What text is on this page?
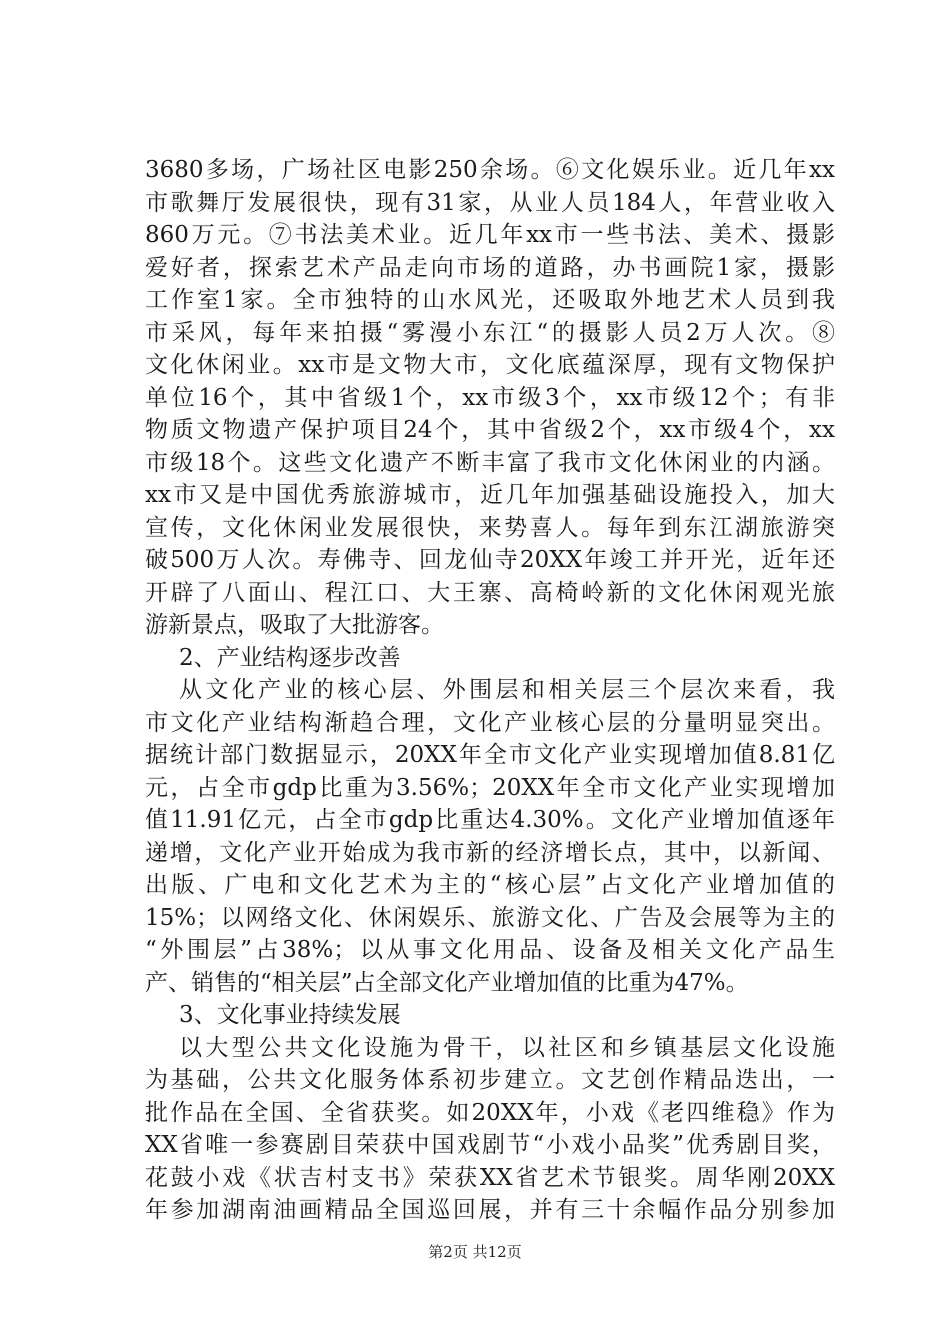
3680多场，广场社区电影250余场。⑥文化娱乐业。近几年xx
市歌舞厅发展很快，现有31家，从业人员184人，年营业收入
860万元。⑦书法美术业。近几年xx市一些书法、美术、摄影
爱好者，探索艺术产品走向市场的道路，办书画院1家，摄影
工作室1家。全市独特的山水风光，还吸取外地艺术人员到我
市采风，每年来拍摄“雾漫小东江“的摄影人员2万人次。⑧
文化休闲业。xx市是文物大市，文化底蕴深厚，现有文物保护
单位16个，其中省级1个，xx市级3个，xx市级12个；有非
物质文物遗产保护项目24个，其中省级2个，xx市级4个，xx
市级18个。这些文化遗产不断丰富了我市文化休闲业的内涵。
xx市又是中国优秀旅游城市，近几年加强基础设施投入，加大
宣传，文化休闲业发展很快，来势喜人。每年到东江湖旅游突
破500万人次。寿佛寺、回龙仙寺20XX年竣工并开光，近年还
开辟了八面山、程江口、大王寨、高椅岭新的文化休闲观光旅
游新景点，吸取了大批游客。
2、产业结构逐步改善
从文化产业的核心层、外围层和相关层三个层次来看，我
市文化产业结构渐趋合理，文化产业核心层的分量明显突出。
据统计部门数据显示，20XX年全市文化产业实现增加值8.81亿
元，占全市gdp比重为3.56%；20XX年全市文化产业实现增加
值11.91亿元，占全市gdp比重达4.30%。文化产业增加值逐年
递增，文化产业开始成为我市新的经济增长点，其中，以新闻、
出版、广电和文化艺术为主的“核心层”占文化产业增加值的
15%；以网络文化、休闲娱乐、旅游文化、广告及会展等为主的
“外围层”占38%；以从事文化用品、设备及相关文化产品生
产、销售的“相关层”占全部文化产业增加值的比重为47%。
3、文化事业持续发展
以大型公共文化设施为骨干，以社区和乡镇基层文化设施
为基础，公共文化服务体系初步建立。文艺创作精品迭出，一
批作品在全国、全省获奖。如20XX年，小戏《老四维稳》作为
XX省唯一参赛剧目荣获中国戏剧节“小戏小品奖”优秀剧目奖，
花鼓小戏《状吉村支书》荣获XX省艺术节银奖。周华刚20XX
年参加湖南油画精品全国巡回展，并有三十余幅作品分别参加
第2页 共12页
